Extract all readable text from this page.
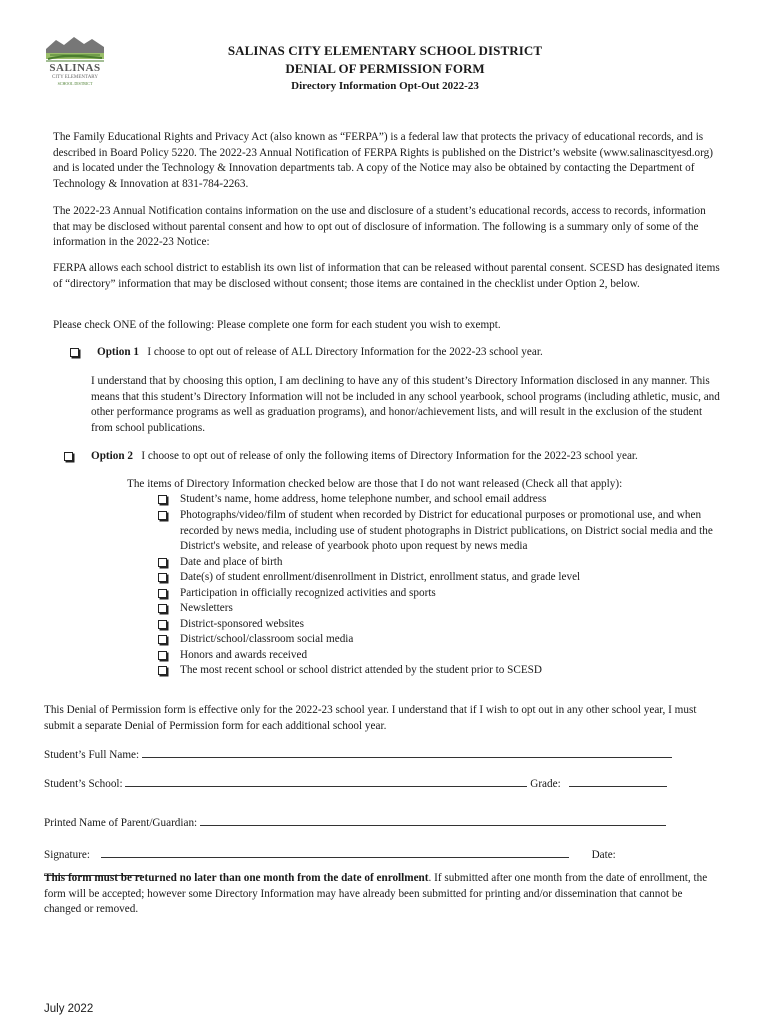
SALINAS
CITY ELEMENTARY
SCHOOL DISTRICT
SALINAS CITY ELEMENTARY SCHOOL DISTRICT
DENIAL OF PERMISSION FORM
Directory Information Opt-Out 2022-23
The Family Educational Rights and Privacy Act (also known as “FERPA”) is a federal law that protects the privacy of educational records, and is described in Board Policy 5220. The 2022-23 Annual Notification of FERPA Rights is published on the District’s website (www.salinascityesd.org) and is located under the Technology & Innovation departments tab. A copy of the Notice may also be obtained by contacting the Department of Technology & Innovation at 831-784-2263.
The 2022-23 Annual Notification contains information on the use and disclosure of a student’s educational records, access to records, information that may be disclosed without parental consent and how to opt out of disclosure of information. The following is a summary only of some of the information in the 2022-23 Notice:
FERPA allows each school district to establish its own list of information that can be released without parental consent. SCESD has designated items of “directory” information that may be disclosed without consent; those items are contained in the checklist under Option 2, below.
Please check ONE of the following: Please complete one form for each student you wish to exempt.
Option 1 I choose to opt out of release of ALL Directory Information for the 2022-23 school year.
I understand that by choosing this option, I am declining to have any of this student’s Directory Information disclosed in any manner. This means that this student’s Directory Information will not be included in any school yearbook, school programs (including athletic, music, and other performance programs as well as graduation programs), and honor/achievement lists, and will result in the exclusion of the student from school publications.
Option 2 I choose to opt out of release of only the following items of Directory Information for the 2022-23 school year.
The items of Directory Information checked below are those that I do not want released (Check all that apply):
Student’s name, home address, home telephone number, and school email address
Photographs/video/film of student when recorded by District for educational purposes or promotional use, and when recorded by news media, including use of student photographs in District publications, on District social media and the District's website, and release of yearbook photo upon request by news media
Date and place of birth
Date(s) of student enrollment/disenrollment in District, enrollment status, and grade level
Participation in officially recognized activities and sports
Newsletters
District-sponsored websites
District/school/classroom social media
Honors and awards received
The most recent school or school district attended by the student prior to SCESD
This Denial of Permission form is effective only for the 2022-23 school year. I understand that if I wish to opt out in any other school year, I must submit a separate Denial of Permission form for each additional school year.
Student’s Full Name:
Student’s School:	Grade:
Printed Name of Parent/Guardian:
Signature:	Date:
This form must be returned no later than one month from the date of enrollment. If submitted after one month from the date of enrollment, the form will be accepted; however some Directory Information may have already been submitted for printing and/or dissemination that cannot be changed or removed.
July 2022
